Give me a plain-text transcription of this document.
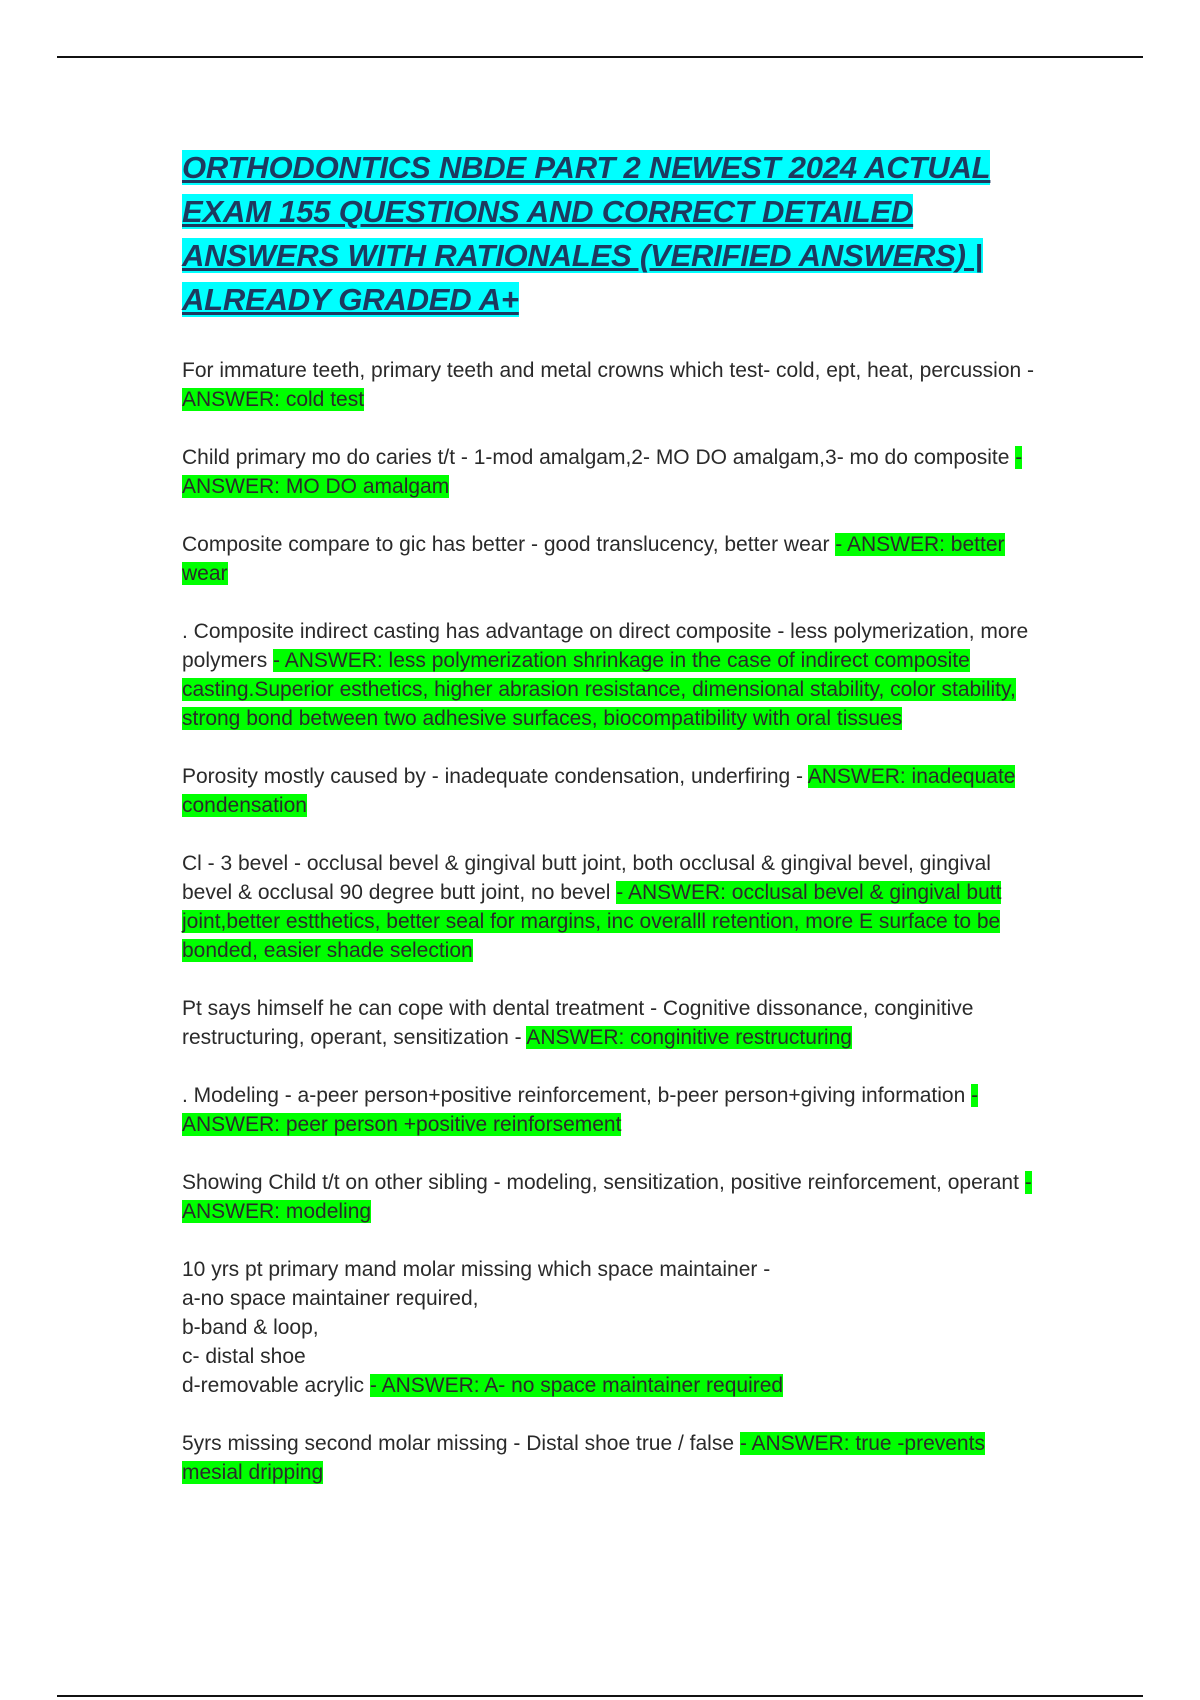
ORTHODONTICS NBDE PART 2 NEWEST 2024 ACTUAL EXAM 155 QUESTIONS AND CORRECT DETAILED ANSWERS WITH RATIONALES (VERIFIED ANSWERS) | ALREADY GRADED A+

For immature teeth, primary teeth and metal crowns which test- cold, ept, heat, percussion - ANSWER: cold test

Child primary mo do caries t/t - 1-mod amalgam,2- MO DO amalgam,3- mo do composite - ANSWER: MO DO amalgam

Composite compare to gic has better - good translucency, better wear - ANSWER: better wear

. Composite indirect casting has advantage on direct composite - less polymerization, more polymers - ANSWER: less polymerization shrinkage in the case of indirect composite casting.Superior esthetics, higher abrasion resistance, dimensional stability, color stability, strong bond between two adhesive surfaces, biocompatibility with oral tissues

Porosity mostly caused by - inadequate condensation, underfiring - ANSWER: inadequate condensation

Cl - 3 bevel - occlusal bevel & gingival butt joint, both occlusal & gingival bevel, gingival bevel & occlusal 90 degree butt joint, no bevel - ANSWER: occlusal bevel & gingival butt joint,better estthetics, better seal for margins, inc overalll retention, more E surface to be bonded, easier shade selection

Pt says himself he can cope with dental treatment - Cognitive dissonance, conginitive restructuring, operant, sensitization - ANSWER: conginitive restructuring

. Modeling - a-peer person+positive reinforcement, b-peer person+giving information - ANSWER: peer person +positive reinforsement

Showing Child t/t on other sibling - modeling, sensitization, positive reinforcement, operant - ANSWER: modeling

10 yrs pt primary mand molar missing which space maintainer -
a-no space maintainer required,
b-band & loop,
c- distal shoe
d-removable acrylic - ANSWER: A- no space maintainer required

5yrs missing second molar missing - Distal shoe true / false - ANSWER: true -prevents mesial dripping
